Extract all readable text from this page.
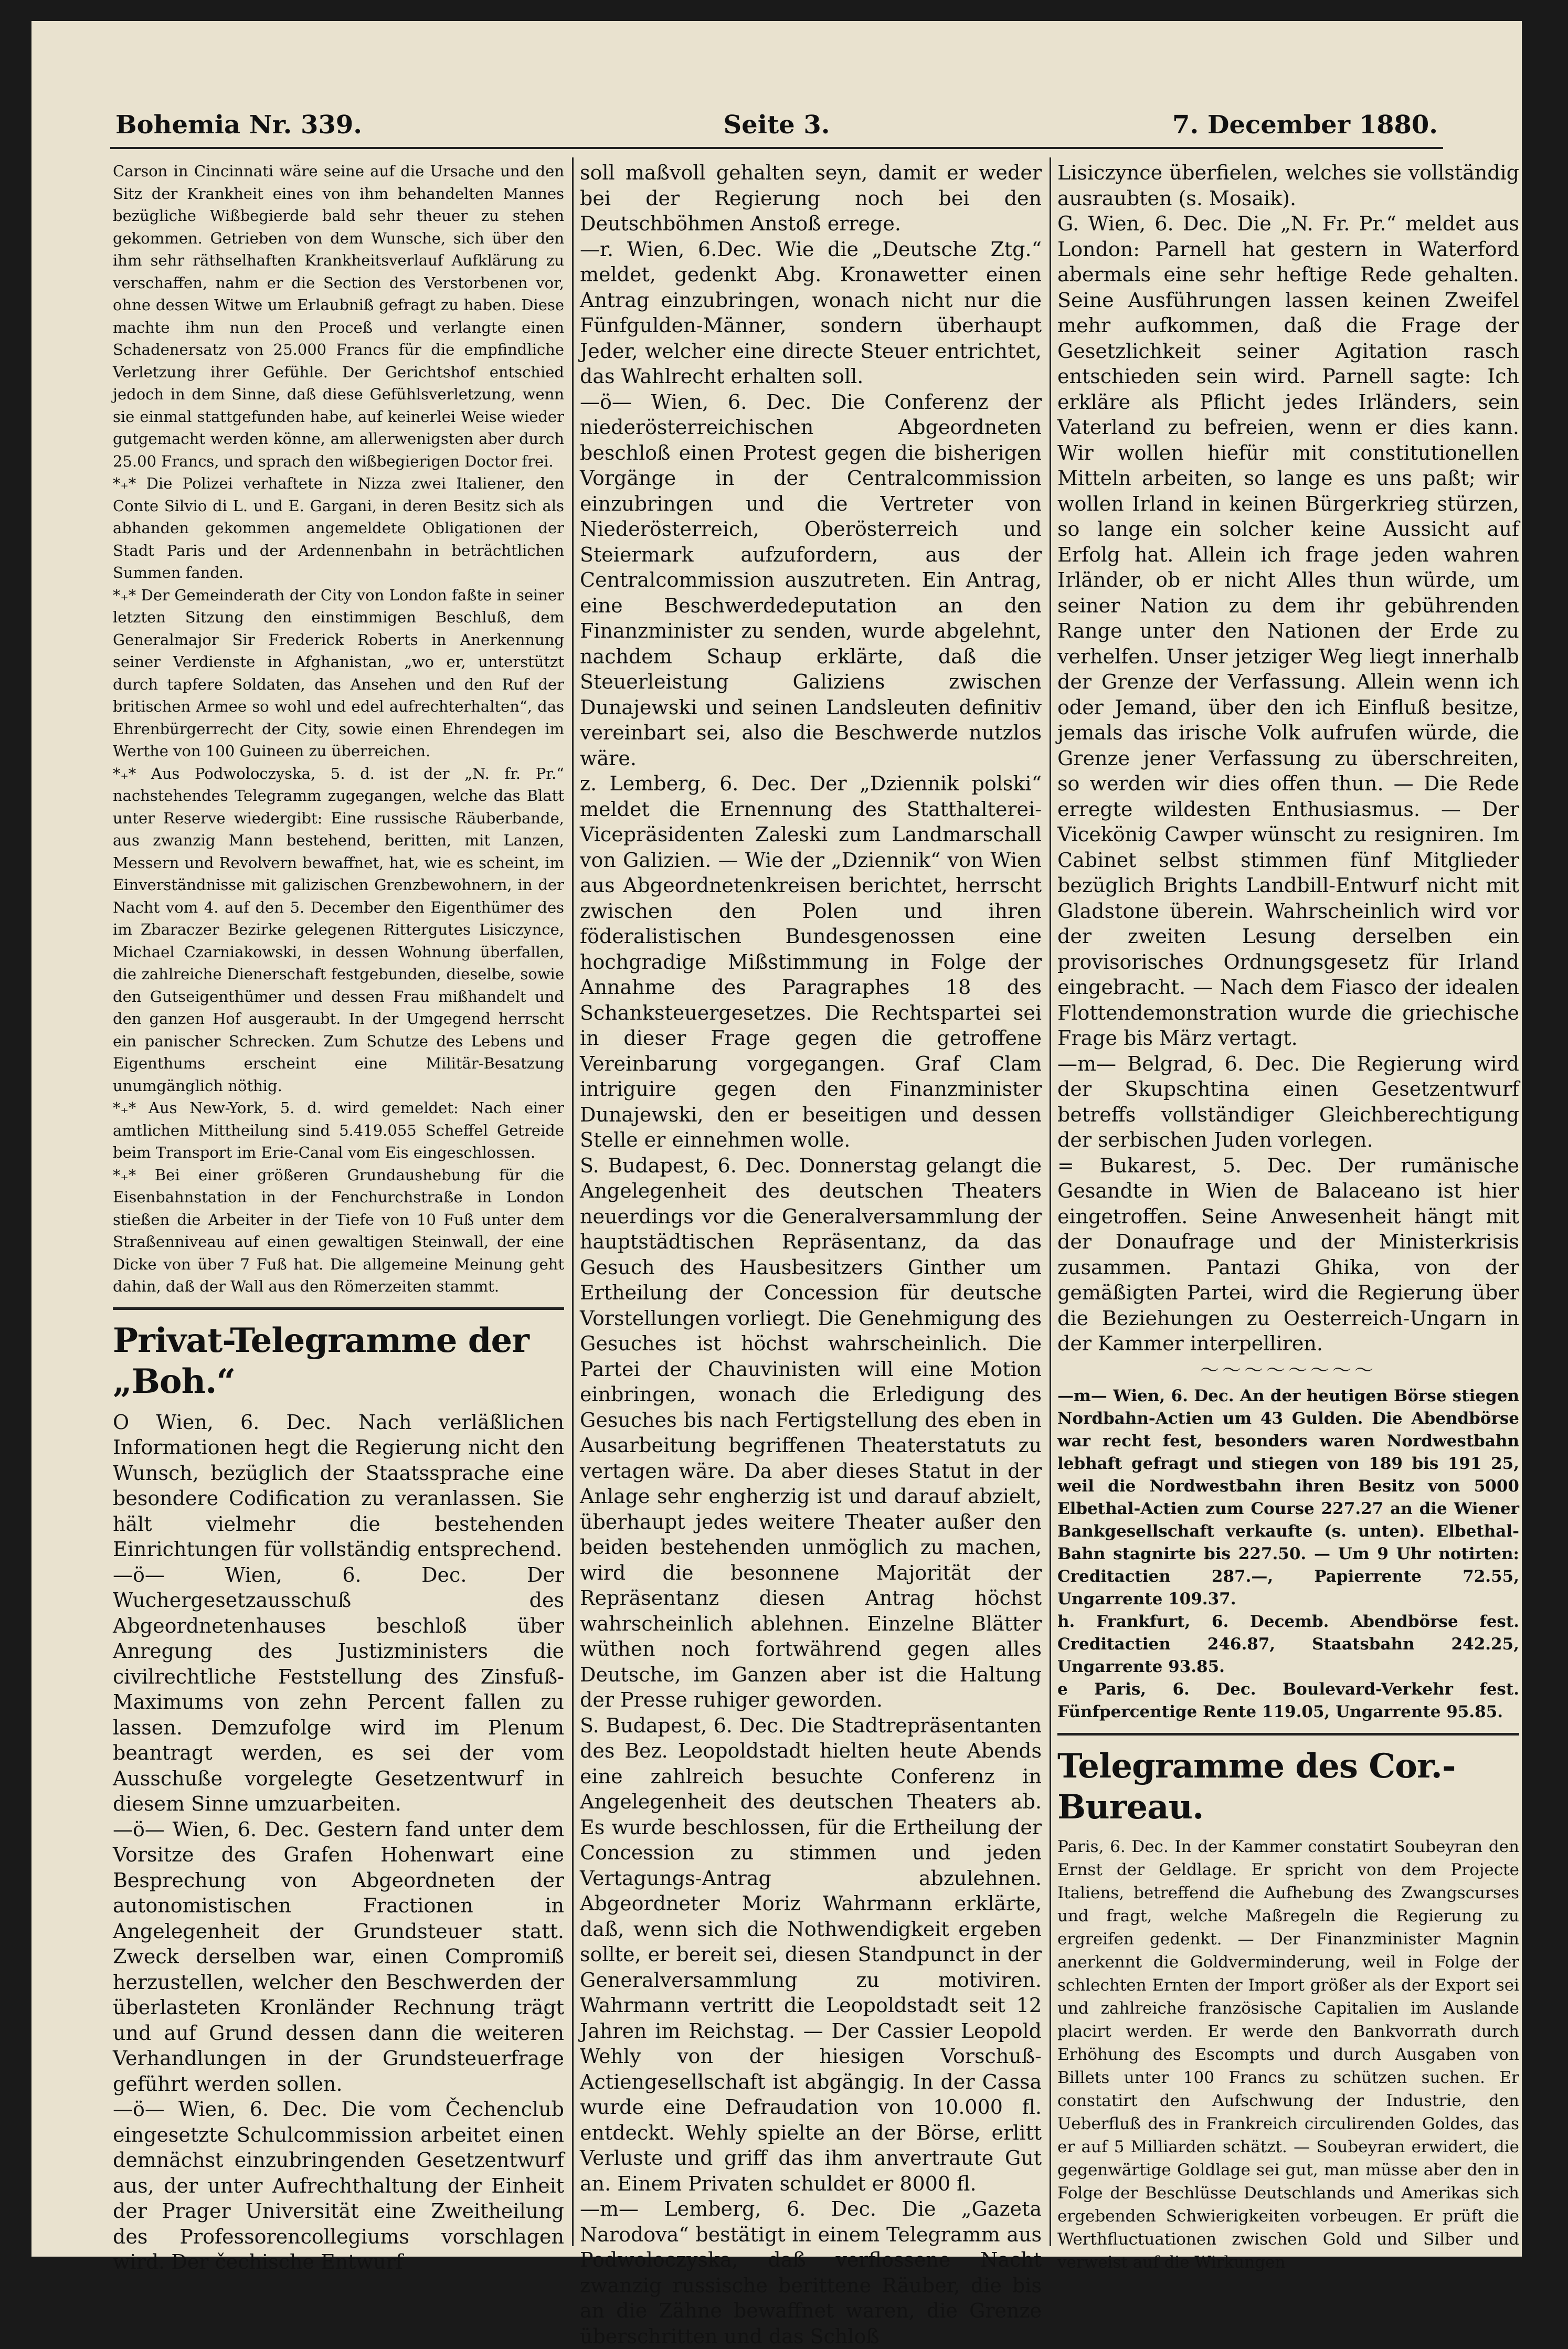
Bohemia Nr. 339.	Seite 3.	7. December 1880.

Carson in Cincinnati wäre seine auf die Ursache und den Sitz der Krankheit eines von ihm behandelten Mannes bezügliche Wißbegierde bald sehr theuer zu stehen gekommen. Getrieben von dem Wunsche, sich über den ihm sehr räthselhaften Krankheitsverlauf Aufklärung zu verschaffen, nahm er die Section des Verstorbenen vor, ohne dessen Witwe um Erlaubniß gefragt zu haben. Diese machte ihm nun den Proceß und verlangte einen Schadenersatz von 25.000 Francs für die empfindliche Verletzung ihrer Gefühle. Der Gerichtshof entschied jedoch in dem Sinne, daß diese Gefühlsverletzung, wenn sie einmal stattgefunden habe, auf keinerlei Weise wieder gutgemacht werden könne, am allerwenigsten aber durch 25.00 Francs, und sprach den wißbegierigen Doctor frei.

*₊* Die Polizei verhaftete in Nizza zwei Italiener, den Conte Silvio di L. und E. Gargani, in deren Besitz sich als abhanden gekommen angemeldete Obligationen der Stadt Paris und der Ardennenbahn in beträchtlichen Summen fanden.

*₊* Der Gemeinderath der City von London faßte in seiner letzten Sitzung den einstimmigen Beschluß, dem Generalmajor Sir Frederick Roberts in Anerkennung seiner Verdienste in Afghanistan, „wo er, unterstützt durch tapfere Soldaten, das Ansehen und den Ruf der britischen Armee so wohl und edel aufrechterhalten“, das Ehrenbürgerrecht der City, sowie einen Ehrendegen im Werthe von 100 Guineen zu überreichen.

*₊* Aus Podwoloczyska, 5. d. ist der „N. fr. Pr.“ nachstehendes Telegramm zugegangen, welche das Blatt unter Reserve wiedergibt: Eine russische Räuberbande, aus zwanzig Mann bestehend, beritten, mit Lanzen, Messern und Revolvern bewaffnet, hat, wie es scheint, im Einverständnisse mit galizischen Grenzbewohnern, in der Nacht vom 4. auf den 5. December den Eigenthümer des im Zbaraczer Bezirke gelegenen Rittergutes Lisiczynce, Michael Czarniakowski, in dessen Wohnung überfallen, die zahlreiche Dienerschaft festgebunden, dieselbe, sowie den Gutseigenthümer und dessen Frau mißhandelt und den ganzen Hof ausgeraubt. In der Umgegend herrscht ein panischer Schrecken. Zum Schutze des Lebens und Eigenthums erscheint eine Militär-Besatzung unumgänglich nöthig.

*₊* Aus New-York, 5. d. wird gemeldet: Nach einer amtlichen Mittheilung sind 5.419.055 Scheffel Getreide beim Transport im Erie-Canal vom Eis eingeschlossen.

*₊* Bei einer größeren Grundaushebung für die Eisenbahnstation in der Fenchurchstraße in London stießen die Arbeiter in der Tiefe von 10 Fuß unter dem Straßenniveau auf einen gewaltigen Steinwall, der eine Dicke von über 7 Fuß hat. Die allgemeine Meinung geht dahin, daß der Wall aus den Römerzeiten stammt.

Privat-Telegramme der „Boh.“

O Wien, 6. Dec. Nach verläßlichen Informationen hegt die Regierung nicht den Wunsch, bezüglich der Staatssprache eine besondere Codification zu veranlassen. Sie hält vielmehr die bestehenden Einrichtungen für vollständig entsprechend.

—ö— Wien, 6. Dec. Der Wuchergesetzausschuß des Abgeordnetenhauses beschloß über Anregung des Justizministers die civilrechtliche Feststellung des Zinsfuß-Maximums von zehn Percent fallen zu lassen. Demzufolge wird im Plenum beantragt werden, es sei der vom Ausschuße vorgelegte Gesetzentwurf in diesem Sinne umzuarbeiten.

—ö— Wien, 6. Dec. Gestern fand unter dem Vorsitze des Grafen Hohenwart eine Besprechung von Abgeordneten der autonomistischen Fractionen in Angelegenheit der Grundsteuer statt. Zweck derselben war, einen Compromiß herzustellen, welcher den Beschwerden der überlasteten Kronländer Rechnung trägt und auf Grund dessen dann die weiteren Verhandlungen in der Grundsteuerfrage geführt werden sollen.

—ö— Wien, 6. Dec. Die vom Čechenclub eingesetzte Schulcommission arbeitet einen demnächst einzubringenden Gesetzentwurf aus, der unter Aufrechthaltung der Einheit der Prager Universität eine Zweitheilung des Professorencollegiums vorschlagen wird. Der čechische Entwurf

soll maßvoll gehalten seyn, damit er weder bei der Regierung noch bei den Deutschböhmen Anstoß errege.

—r. Wien, 6.Dec. Wie die „Deutsche Ztg.“ meldet, gedenkt Abg. Kronawetter einen Antrag einzubringen, wonach nicht nur die Fünfgulden-Männer, sondern überhaupt Jeder, welcher eine directe Steuer entrichtet, das Wahlrecht erhalten soll.

—ö— Wien, 6. Dec. Die Conferenz der niederösterreichischen Abgeordneten beschloß einen Protest gegen die bisherigen Vorgänge in der Centralcommission einzubringen und die Vertreter von Niederösterreich, Oberösterreich und Steiermark aufzufordern, aus der Centralcommission auszutreten. Ein Antrag, eine Beschwerdedeputation an den Finanzminister zu senden, wurde abgelehnt, nachdem Schaup erklärte, daß die Steuerleistung Galiziens zwischen Dunajewski und seinen Landsleuten definitiv vereinbart sei, also die Beschwerde nutzlos wäre.

z. Lemberg, 6. Dec. Der „Dziennik polski“ meldet die Ernennung des Statthalterei-Vicepräsidenten Zaleski zum Landmarschall von Galizien. — Wie der „Dziennik“ von Wien aus Abgeordnetenkreisen berichtet, herrscht zwischen den Polen und ihren föderalistischen Bundesgenossen eine hochgradige Mißstimmung in Folge der Annahme des Paragraphes 18 des Schanksteuergesetzes. Die Rechtspartei sei in dieser Frage gegen die getroffene Vereinbarung vorgegangen. Graf Clam intriguire gegen den Finanzminister Dunajewski, den er beseitigen und dessen Stelle er einnehmen wolle.

S. Budapest, 6. Dec. Donnerstag gelangt die Angelegenheit des deutschen Theaters neuerdings vor die Generalversammlung der hauptstädtischen Repräsentanz, da das Gesuch des Hausbesitzers Ginther um Ertheilung der Concession für deutsche Vorstellungen vorliegt. Die Genehmigung des Gesuches ist höchst wahrscheinlich. Die Partei der Chauvinisten will eine Motion einbringen, wonach die Erledigung des Gesuches bis nach Fertigstellung des eben in Ausarbeitung begriffenen Theaterstatuts zu vertagen wäre. Da aber dieses Statut in der Anlage sehr engherzig ist und darauf abzielt, überhaupt jedes weitere Theater außer den beiden bestehenden unmöglich zu machen, wird die besonnene Majorität der Repräsentanz diesen Antrag höchst wahrscheinlich ablehnen. Einzelne Blätter wüthen noch fortwährend gegen alles Deutsche, im Ganzen aber ist die Haltung der Presse ruhiger geworden.

S. Budapest, 6. Dec. Die Stadtrepräsentanten des Bez. Leopoldstadt hielten heute Abends eine zahlreich besuchte Conferenz in Angelegenheit des deutschen Theaters ab. Es wurde beschlossen, für die Ertheilung der Concession zu stimmen und jeden Vertagungs-Antrag abzulehnen. Abgeordneter Moriz Wahrmann erklärte, daß, wenn sich die Nothwendigkeit ergeben sollte, er bereit sei, diesen Standpunct in der Generalversammlung zu motiviren. Wahrmann vertritt die Leopoldstadt seit 12 Jahren im Reichstag. — Der Cassier Leopold Wehly von der hiesigen Vorschuß-Actiengesellschaft ist abgängig. In der Cassa wurde eine Defraudation von 10.000 fl. entdeckt. Wehly spielte an der Börse, erlitt Verluste und griff das ihm anvertraute Gut an. Einem Privaten schuldet er 8000 fl.

—m— Lemberg, 6. Dec. Die „Gazeta Narodova“ bestätigt in einem Telegramm aus Podwoloczyska, daß verflossene Nacht zwanzig russische berittene Räuber, die bis an die Zähne bewaffnet waren, die Grenze überschritten und das Schloß

Lisiczynce überfielen, welches sie vollständig ausraubten (s. Mosaik).

G. Wien, 6. Dec. Die „N. Fr. Pr.“ meldet aus London: Parnell hat gestern in Waterford abermals eine sehr heftige Rede gehalten. Seine Ausführungen lassen keinen Zweifel mehr aufkommen, daß die Frage der Gesetzlichkeit seiner Agitation rasch entschieden sein wird. Parnell sagte: Ich erkläre als Pflicht jedes Irländers, sein Vaterland zu befreien, wenn er dies kann. Wir wollen hiefür mit constitutionellen Mitteln arbeiten, so lange es uns paßt; wir wollen Irland in keinen Bürgerkrieg stürzen, so lange ein solcher keine Aussicht auf Erfolg hat. Allein ich frage jeden wahren Irländer, ob er nicht Alles thun würde, um seiner Nation zu dem ihr gebührenden Range unter den Nationen der Erde zu verhelfen. Unser jetziger Weg liegt innerhalb der Grenze der Verfassung. Allein wenn ich oder Jemand, über den ich Einfluß besitze, jemals das irische Volk aufrufen würde, die Grenze jener Verfassung zu überschreiten, so werden wir dies offen thun. — Die Rede erregte wildesten Enthusiasmus. — Der Vicekönig Cawper wünscht zu resigniren. Im Cabinet selbst stimmen fünf Mitglieder bezüglich Brights Landbill-Entwurf nicht mit Gladstone überein. Wahrscheinlich wird vor der zweiten Lesung derselben ein provisorisches Ordnungsgesetz für Irland eingebracht. — Nach dem Fiasco der idealen Flottendemonstration wurde die griechische Frage bis März vertagt.

—m— Belgrad, 6. Dec. Die Regierung wird der Skupschtina einen Gesetzentwurf betreffs vollständiger Gleichberechtigung der serbischen Juden vorlegen.

= Bukarest, 5. Dec. Der rumänische Gesandte in Wien de Balaceano ist hier eingetroffen. Seine Anwesenheit hängt mit der Donaufrage und der Ministerkrisis zusammen. Pantazi Ghika, von der gemäßigten Partei, wird die Regierung über die Beziehungen zu Oesterreich-Ungarn in der Kammer interpelliren.

〜〜〜〜〜〜〜〜

—m— Wien, 6. Dec. An der heutigen Börse stiegen Nordbahn-Actien um 43 Gulden. Die Abendbörse war recht fest, besonders waren Nordwestbahn lebhaft gefragt und stiegen von 189 bis 191 25, weil die Nordwestbahn ihren Besitz von 5000 Elbethal-Actien zum Course 227.27 an die Wiener Bankgesellschaft verkaufte (s. unten). Elbethal-Bahn stagnirte bis 227.50. — Um 9 Uhr notirten: Creditactien 287.—, Papierrente 72.55, Ungarrente 109.37.

h. Frankfurt, 6. Decemb. Abendbörse fest. Creditactien 246.87, Staatsbahn 242.25, Ungarrente 93.85.

e Paris, 6. Dec. Boulevard-Verkehr fest. Fünfpercentige Rente 119.05, Ungarrente 95.85.

Telegramme des Cor.-Bureau.

Paris, 6. Dec. In der Kammer constatirt Soubeyran den Ernst der Geldlage. Er spricht von dem Projecte Italiens, betreffend die Aufhebung des Zwangscurses und fragt, welche Maßregeln die Regierung zu ergreifen gedenkt. — Der Finanzminister Magnin anerkennt die Goldverminderung, weil in Folge der schlechten Ernten der Import größer als der Export sei und zahlreiche französische Capitalien im Auslande placirt werden. Er werde den Bankvorrath durch Erhöhung des Escompts und durch Ausgaben von Billets unter 100 Francs zu schützen suchen. Er constatirt den Aufschwung der Industrie, den Ueberfluß des in Frankreich circulirenden Goldes, das er auf 5 Milliarden schätzt. — Soubeyran erwidert, die gegenwärtige Goldlage sei gut, man müsse aber den in Folge der Beschlüsse Deutschlands und Amerikas sich ergebenden Schwierigkeiten vorbeugen. Er prüft die Werthfluctuationen zwischen Gold und Silber und verweist auf die Wirkungen
